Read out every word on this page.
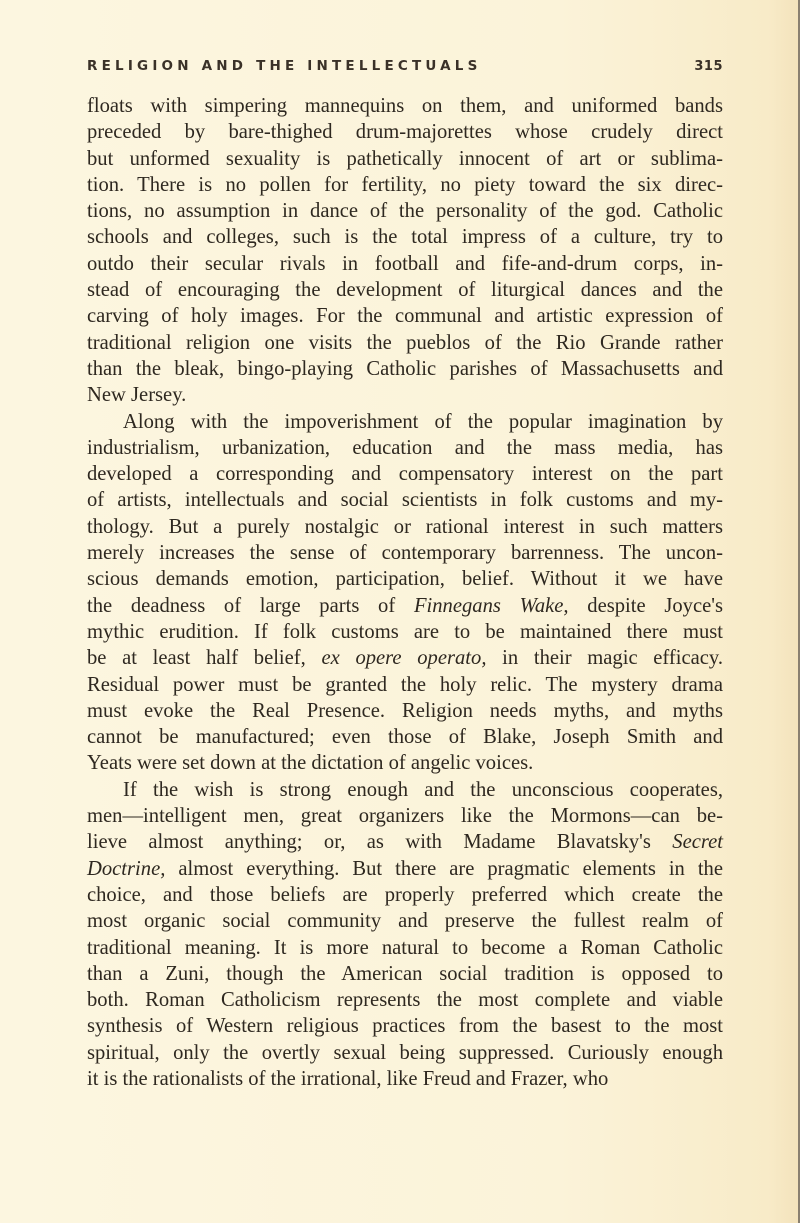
RELIGION AND THE INTELLECTUALS	315
floats with simpering mannequins on them, and uniformed bands
preceded by bare-thighed drum-majorettes whose crudely direct
but unformed sexuality is pathetically innocent of art or sublima-
tion. There is no pollen for fertility, no piety toward the six direc-
tions, no assumption in dance of the personality of the god. Catholic
schools and colleges, such is the total impress of a culture, try to
outdo their secular rivals in football and fife-and-drum corps, in-
stead of encouraging the development of liturgical dances and the
carving of holy images. For the communal and artistic expression of
traditional religion one visits the pueblos of the Rio Grande rather
than the bleak, bingo-playing Catholic parishes of Massachusetts and
New Jersey.
Along with the impoverishment of the popular imagination by
industrialism, urbanization, education and the mass media, has
developed a corresponding and compensatory interest on the part
of artists, intellectuals and social scientists in folk customs and my-
thology. But a purely nostalgic or rational interest in such matters
merely increases the sense of contemporary barrenness. The uncon-
scious demands emotion, participation, belief. Without it we have
the deadness of large parts of Finnegans Wake, despite Joyce's
mythic erudition. If folk customs are to be maintained there must
be at least half belief, ex opere operato, in their magic efficacy.
Residual power must be granted the holy relic. The mystery drama
must evoke the Real Presence. Religion needs myths, and myths
cannot be manufactured; even those of Blake, Joseph Smith and
Yeats were set down at the dictation of angelic voices.
If the wish is strong enough and the unconscious cooperates,
men—intelligent men, great organizers like the Mormons—can be-
lieve almost anything; or, as with Madame Blavatsky's Secret
Doctrine, almost everything. But there are pragmatic elements in the
choice, and those beliefs are properly preferred which create the
most organic social community and preserve the fullest realm of
traditional meaning. It is more natural to become a Roman Catholic
than a Zuni, though the American social tradition is opposed to
both. Roman Catholicism represents the most complete and viable
synthesis of Western religious practices from the basest to the most
spiritual, only the overtly sexual being suppressed. Curiously enough
it is the rationalists of the irrational, like Freud and Frazer, who
